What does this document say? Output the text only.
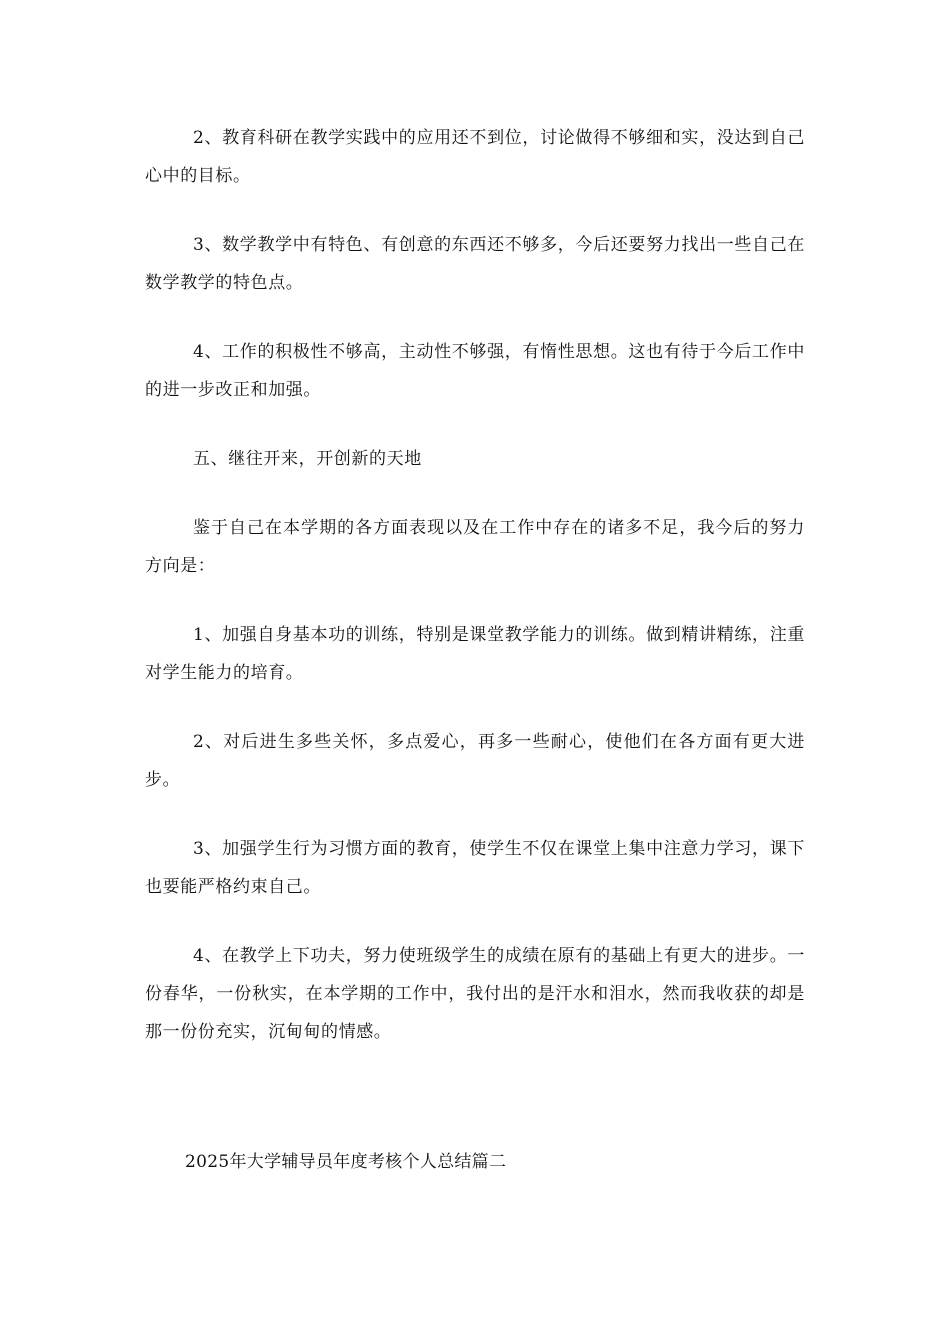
2、教育科研在教学实践中的应用还不到位，讨论做得不够细和实，没达到自己心中的目标。

3、数学教学中有特色、有创意的东西还不够多，今后还要努力找出一些自己在数学教学的特色点。

4、工作的积极性不够高，主动性不够强，有惰性思想。这也有待于今后工作中的进一步改正和加强。

五、继往开来，开创新的天地

鉴于自己在本学期的各方面表现以及在工作中存在的诸多不足，我今后的努力方向是：

1、加强自身基本功的训练，特别是课堂教学能力的训练。做到精讲精练，注重对学生能力的培育。

2、对后进生多些关怀，多点爱心，再多一些耐心，使他们在各方面有更大进步。

3、加强学生行为习惯方面的教育，使学生不仅在课堂上集中注意力学习，课下也要能严格约束自己。

4、在教学上下功夫，努力使班级学生的成绩在原有的基础上有更大的进步。一份春华，一份秋实，在本学期的工作中，我付出的是汗水和泪水，然而我收获的却是那一份份充实，沉甸甸的情感。

2025年大学辅导员年度考核个人总结篇二
